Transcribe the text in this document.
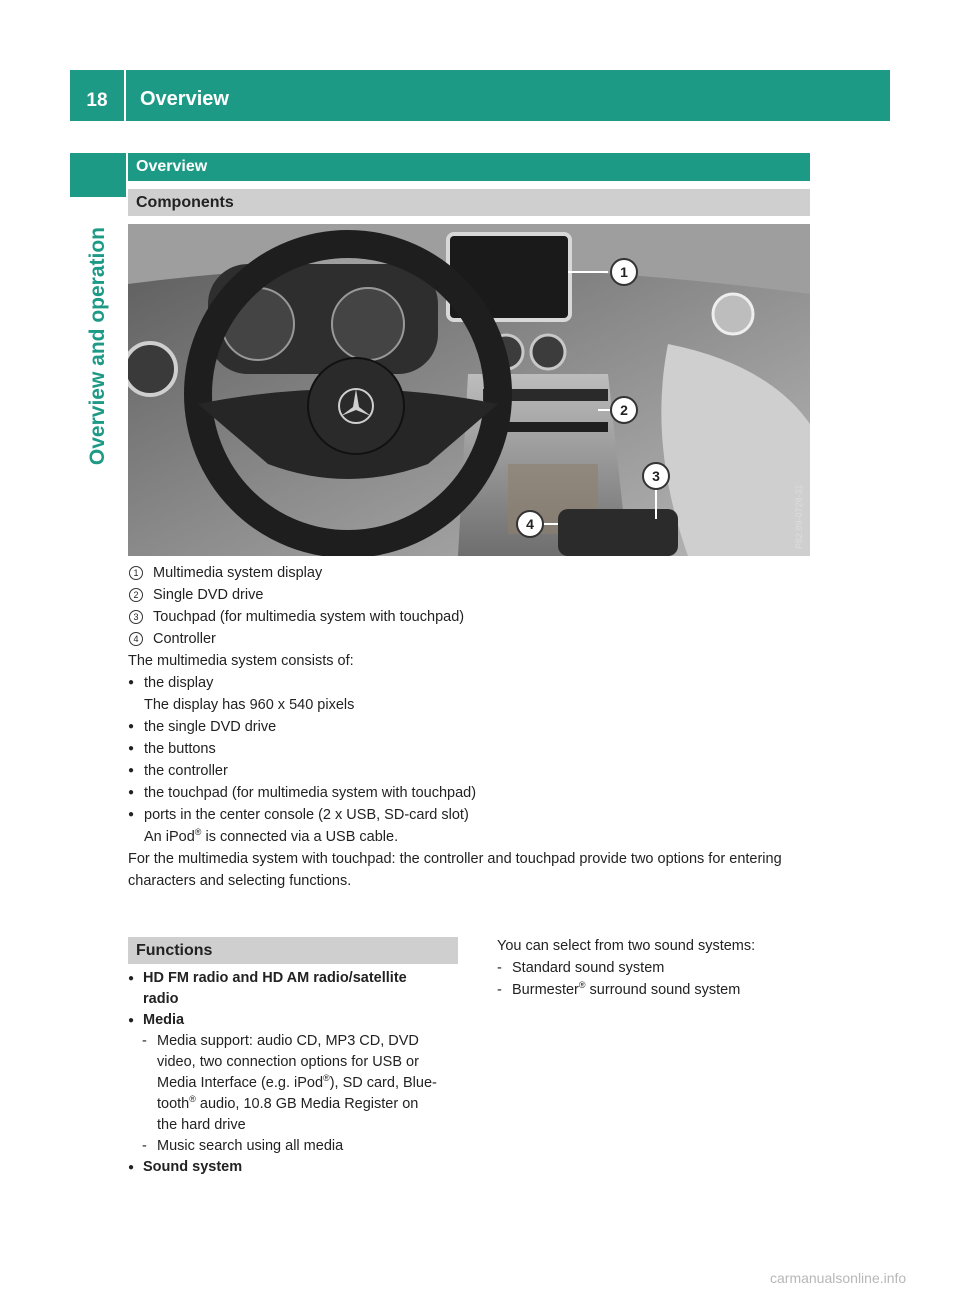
18	Overview
Overview and operation
Overview
Components
1
2
3
4	P82.89-0728-31
1	Multimedia system display
2	Single DVD drive
3	Touchpad (for multimedia system with touchpad)
4	Controller

The multimedia system consists of:

● the display
The display has 960 x 540 pixels
● the single DVD drive
● the buttons
● the controller
● the touchpad (for multimedia system with touchpad)
● ports in the center console (2 x USB, SD-card slot)
An iPod® is connected via a USB cable.

For the multimedia system with touchpad: the controller and touchpad provide two options for entering characters and selecting functions.

Functions
● HD FM radio and HD AM radio/satellite
radio
● Media
- Media support: audio CD, MP3 CD, DVD
video, two connection options for USB or
Media Interface (e.g. iPod®), SD card, Blue-
tooth® audio, 10.8 GB Media Register on
the hard drive
- Music search using all media
● Sound system
You can select from two sound systems:
- Standard sound system
- Burmester® surround sound system
carmanualsonline.info
